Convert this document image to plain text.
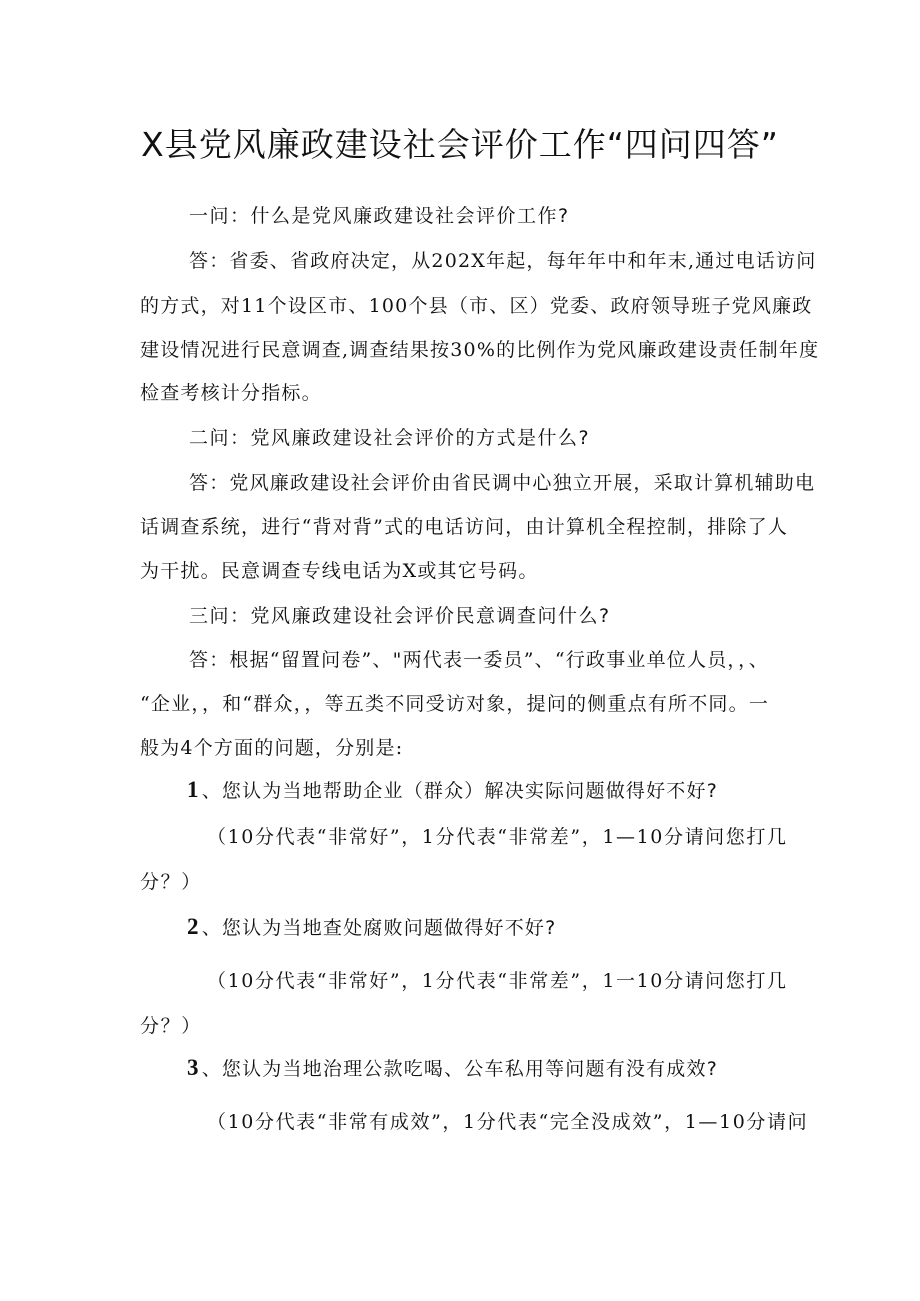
X县党风廉政建设社会评价工作“四问四答”
一问：什么是党风廉政建设社会评价工作?
答：省委、省政府决定，从202X年起，每年年中和年末,通过电话访问
的方式，对11个设区市、100个县（市、区）党委、政府领导班子党风廉政
建设情况进行民意调查,调查结果按30%的比例作为党风廉政建设责任制年度
检查考核计分指标。
二问：党风廉政建设社会评价的方式是什么?
答：党风廉政建设社会评价由省民调中心独立开展，采取计算机辅助电
话调查系统，进行“背对背”式的电话访问，由计算机全程控制，排除了人
为干扰。民意调查专线电话为X或其它号码。
三问：党风廉政建设社会评价民意调查问什么?
答：根据“留置问卷”、"两代表一委员”、“行政事业单位人员，，、
“企业，，和“群众，，等五类不同受访对象，提问的侧重点有所不同。一
般为4个方面的问题，分别是:
1 、您认为当地帮助企业（群众）解决实际问题做得好不好?
（10分代表“非常好”，1分代表“非常差”，1—10分请问您打几
分？）
2 、您认为当地查处腐败问题做得好不好?
（10分代表“非常好”，1分代表“非常差”，1一10分请问您打几
分？）
3 、您认为当地治理公款吃喝、公车私用等问题有没有成效?
（10分代表“非常有成效”，1分代表“完全没成效”，1—10分请问
